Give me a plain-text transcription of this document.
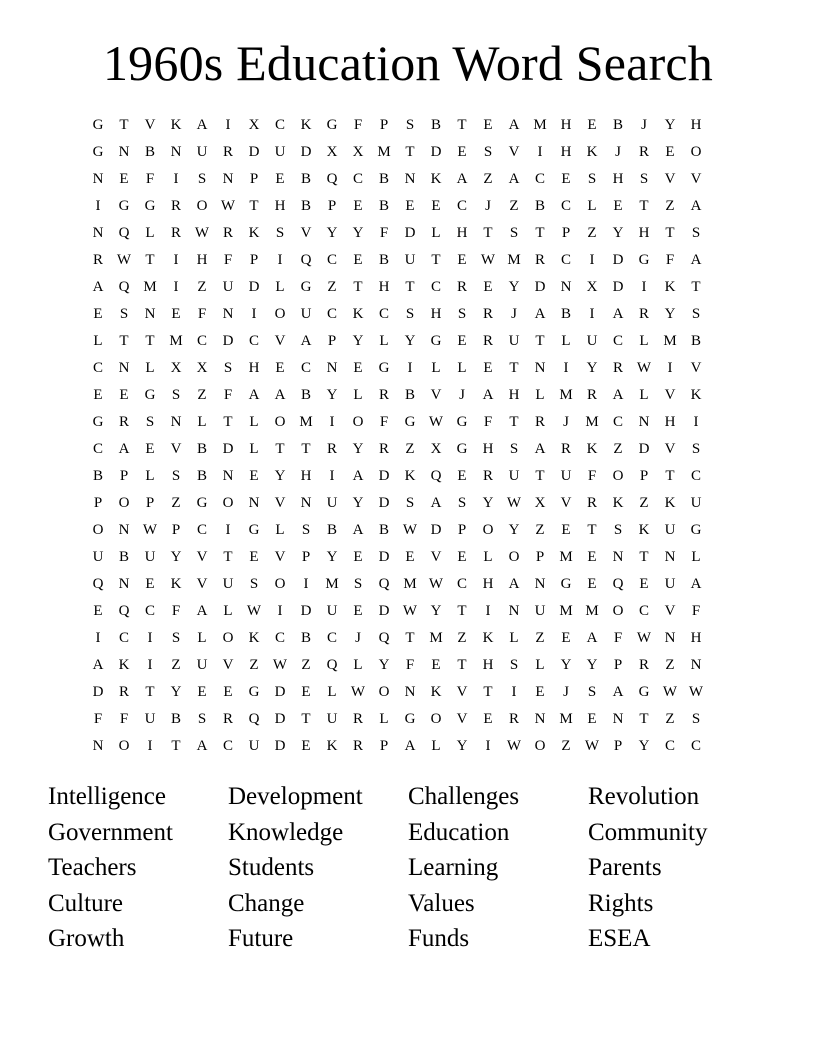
1960s Education Word Search
G	T	V	K	A	I	X	C	K	G	F	P	S	B	T	E	A M H	E	B	J	Y	H
G	N	B	N	U	R	D	U	D	X	X M T	D	E	S	V	I	H	K	J	R	E	O
N	E	F	I	S	N	P	E	B	Q	C	B	N	K	A	Z	A	C	E	S	H	S	V	V
I	G	G	R	O W T	H	B	P	E	B	E	E	C	J	Z	B	C	L	E	T	Z	A
N	Q	L	R W R	K	S	V	Y	Y	F	D	L	H	T	S	T	P	Z	Y	H	T	S
R W T	I	H	F	P	I	Q	C	E	B	U	T	E W M R	C	I	D	G	F	A
A	Q M	I	Z	U	D	L	G	Z	T	H	T	C	R	E	Y	D	N	X	D	I	K	T
E	S	N	E	F	N	I	O	U	C	K	C	S	H	S	R	J	A	B	I	A	R	Y	S
L	T	T M C	D	C	V	A	P	Y	L	Y	G	E	R	U	T	L	U	C	L M B
C	N	L	X	X	S	H	E	C	N	E	G	I	L	L	E	T	N	I	Y	R W	I	V
E	E	G	S	Z	F	A	A	B	Y	L	R	B	V	J	A	H	L M R	A	L	V	K
G	R	S	N	L	T	L	O M	I	O	F	G W G	F	T	R	J	M C	N	H	I
C	A	E	V	B	D	L	T	T	R	Y	R	Z	X	G	H	S	A	R	K	Z	D	V	S
B	P	L	S	B	N	E	Y	H	I	A	D	K	Q	E	R	U	T	U	F	O	P	T	C
P	O	P	Z	G	O	N	V	N	U	Y	D	S	A	S	Y W X	V	R	K	Z	K	U
O	N W P	C	I	G	L	S	B	A	B W D	P	O	Y	Z	E	T	S	K	U	G
U	B	U	Y	V	T	E	V	P	Y	E	D	E	V	E	L	O	P	M E	N	T	N	L
Q	N	E	K	V	U	S	O	I	M	S	Q M W C	H	A	N	G	E	Q	E	U	A
E	Q	C	F	A	L W	I	D	U	E	D W Y	T	I	N	U M M O	C	V	F
I	C	I	S	L	O	K	C	B	C	J	Q	T M Z	K	L	Z	E	A	F W N	H
A	K	I	Z	U	V	Z W Z	Q	L	Y	F	E	T	H	S	L	Y	Y	P	R	Z	N
D	R	T	Y	E	E	G	D	E	L W O	N	K	V	T	I	E	J	S	A	G W W
F	F	U	B	S	R	Q	D	T	U	R	L	G	O	V	E	R	N M E	N	T	Z	S
N	O	I	T	A	C	U	D	E	K	R	P	A	L	Y	I	W O	Z W P	Y	C	C
Intelligence	Development	Challenges	Revolution
Government	Knowledge	Education	Community
Teachers	Students	Learning	Parents
Culture	Change	Values	Rights
Growth	Future	Funds	ESEA
